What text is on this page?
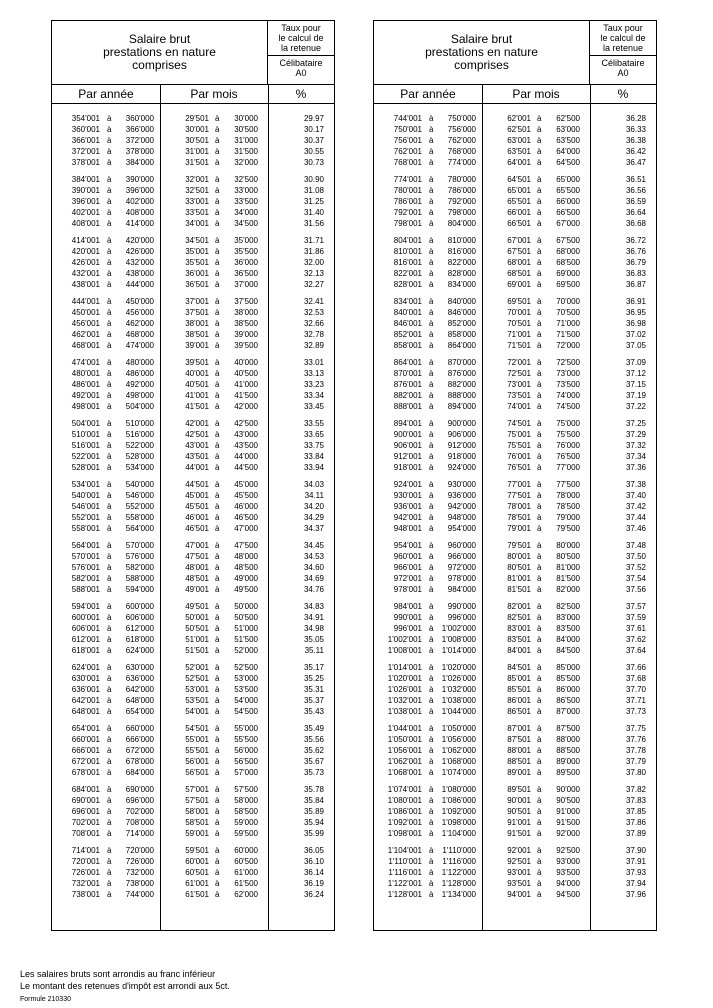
Salaire brut
prestations en nature
comprises
Taux pour
le calcul de
la retenue
Célibataire
A0
Par année	Par mois	%
354'001 à 360'000	29'501 à 30'000	29.97
360'001 à 366'000	30'001 à 30'500	30.17
366'001 à 372'000	30'501 à 31'000	30.37
372'001 à 378'000	31'001 à 31'500	30.55
378'001 à 384'000	31'501 à 32'000	30.73
384'001 à 390'000	32'001 à 32'500	30.90
390'001 à 396'000	32'501 à 33'000	31.08
396'001 à 402'000	33'001 à 33'500	31.25
402'001 à 408'000	33'501 à 34'000	31.40
408'001 à 414'000	34'001 à 34'500	31.56
414'001 à 420'000	34'501 à 35'000	31.71
420'001 à 426'000	35'001 à 35'500	31.86
426'001 à 432'000	35'501 à 36'000	32.00
432'001 à 438'000	36'001 à 36'500	32.13
438'001 à 444'000	36'501 à 37'000	32.27
444'001 à 450'000	37'001 à 37'500	32.41
450'001 à 456'000	37'501 à 38'000	32.53
456'001 à 462'000	38'001 à 38'500	32.66
462'001 à 468'000	38'501 à 39'000	32.78
468'001 à 474'000	39'001 à 39'500	32.89
474'001 à 480'000	39'501 à 40'000	33.01
480'001 à 486'000	40'001 à 40'500	33.13
486'001 à 492'000	40'501 à 41'000	33.23
492'001 à 498'000	41'001 à 41'500	33.34
498'001 à 504'000	41'501 à 42'000	33.45
504'001 à 510'000	42'001 à 42'500	33.55
510'001 à 516'000	42'501 à 43'000	33.65
516'001 à 522'000	43'001 à 43'500	33.75
522'001 à 528'000	43'501 à 44'000	33.84
528'001 à 534'000	44'001 à 44'500	33.94
534'001 à 540'000	44'501 à 45'000	34.03
540'001 à 546'000	45'001 à 45'500	34.11
546'001 à 552'000	45'501 à 46'000	34.20
552'001 à 558'000	46'001 à 46'500	34.29
558'001 à 564'000	46'501 à 47'000	34.37
564'001 à 570'000	47'001 à 47'500	34.45
570'001 à 576'000	47'501 à 48'000	34.53
576'001 à 582'000	48'001 à 48'500	34.60
582'001 à 588'000	48'501 à 49'000	34.69
588'001 à 594'000	49'001 à 49'500	34.76
594'001 à 600'000	49'501 à 50'000	34.83
600'001 à 606'000	50'001 à 50'500	34.91
606'001 à 612'000	50'501 à 51'000	34.98
612'001 à 618'000	51'001 à 51'500	35.05
618'001 à 624'000	51'501 à 52'000	35.11
624'001 à 630'000	52'001 à 52'500	35.17
630'001 à 636'000	52'501 à 53'000	35.25
636'001 à 642'000	53'001 à 53'500	35.31
642'001 à 648'000	53'501 à 54'000	35.37
648'001 à 654'000	54'001 à 54'500	35.43
654'001 à 660'000	54'501 à 55'000	35.49
660'001 à 666'000	55'001 à 55'500	35.56
666'001 à 672'000	55'501 à 56'000	35.62
672'001 à 678'000	56'001 à 56'500	35.67
678'001 à 684'000	56'501 à 57'000	35.73
684'001 à 690'000	57'001 à 57'500	35.78
690'001 à 696'000	57'501 à 58'000	35.84
696'001 à 702'000	58'001 à 58'500	35.89
702'001 à 708'000	58'501 à 59'000	35.94
708'001 à 714'000	59'001 à 59'500	35.99
714'001 à 720'000	59'501 à 60'000	36.05
720'001 à 726'000	60'001 à 60'500	36.10
726'001 à 732'000	60'501 à 61'000	36.14
732'001 à 738'000	61'001 à 61'500	36.19
738'001 à 744'000	61'501 à 62'000	36.24
Salaire brut
prestations en nature
comprises
Taux pour
le calcul de
la retenue
Célibataire
A0
Par année	Par mois	%
744'001 à 750'000	62'001 à 62'500	36.28
750'001 à 756'000	62'501 à 63'000	36.33
756'001 à 762'000	63'001 à 63'500	36.38
762'001 à 768'000	63'501 à 64'000	36.42
768'001 à 774'000	64'001 à 64'500	36.47
774'001 à 780'000	64'501 à 65'000	36.51
780'001 à 786'000	65'001 à 65'500	36.56
786'001 à 792'000	65'501 à 66'000	36.59
792'001 à 798'000	66'001 à 66'500	36.64
798'001 à 804'000	66'501 à 67'000	36.68
804'001 à 810'000	67'001 à 67'500	36.72
810'001 à 816'000	67'501 à 68'000	36.76
816'001 à 822'000	68'001 à 68'500	36.79
822'001 à 828'000	68'501 à 69'000	36.83
828'001 à 834'000	69'001 à 69'500	36.87
834'001 à 840'000	69'501 à 70'000	36.91
840'001 à 846'000	70'001 à 70'500	36.95
846'001 à 852'000	70'501 à 71'000	36.98
852'001 à 858'000	71'001 à 71'500	37.02
858'001 à 864'000	71'501 à 72'000	37.05
864'001 à 870'000	72'001 à 72'500	37.09
870'001 à 876'000	72'501 à 73'000	37.12
876'001 à 882'000	73'001 à 73'500	37.15
882'001 à 888'000	73'501 à 74'000	37.19
888'001 à 894'000	74'001 à 74'500	37.22
894'001 à 900'000	74'501 à 75'000	37.25
900'001 à 906'000	75'001 à 75'500	37.29
906'001 à 912'000	75'501 à 76'000	37.32
912'001 à 918'000	76'001 à 76'500	37.34
918'001 à 924'000	76'501 à 77'000	37.36
924'001 à 930'000	77'001 à 77'500	37.38
930'001 à 936'000	77'501 à 78'000	37.40
936'001 à 942'000	78'001 à 78'500	37.42
942'001 à 948'000	78'501 à 79'000	37.44
948'001 à 954'000	79'001 à 79'500	37.46
954'001 à 960'000	79'501 à 80'000	37.48
960'001 à 966'000	80'001 à 80'500	37.50
966'001 à 972'000	80'501 à 81'000	37.52
972'001 à 978'000	81'001 à 81'500	37.54
978'001 à 984'000	81'501 à 82'000	37.56
984'001 à 990'000	82'001 à 82'500	37.57
990'001 à 996'000	82'501 à 83'000	37.59
996'001 à 1'002'000	83'001 à 83'500	37.61
1'002'001 à 1'008'000	83'501 à 84'000	37.62
1'008'001 à 1'014'000	84'001 à 84'500	37.64
1'014'001 à 1'020'000	84'501 à 85'000	37.66
1'020'001 à 1'026'000	85'001 à 85'500	37.68
1'026'001 à 1'032'000	85'501 à 86'000	37.70
1'032'001 à 1'038'000	86'001 à 86'500	37.71
1'038'001 à 1'044'000	86'501 à 87'000	37.73
1'044'001 à 1'050'000	87'001 à 87'500	37.75
1'050'001 à 1'056'000	87'501 à 88'000	37.76
1'056'001 à 1'062'000	88'001 à 88'500	37.78
1'062'001 à 1'068'000	88'501 à 89'000	37.79
1'068'001 à 1'074'000	89'001 à 89'500	37.80
1'074'001 à 1'080'000	89'501 à 90'000	37.82
1'080'001 à 1'086'000	90'001 à 90'500	37.83
1'086'001 à 1'092'000	90'501 à 91'000	37.85
1'092'001 à 1'098'000	91'001 à 91'500	37.86
1'098'001 à 1'104'000	91'501 à 92'000	37.89
1'104'001 à 1'110'000	92'001 à 92'500	37.90
1'110'001 à 1'116'000	92'501 à 93'000	37.91
1'116'001 à 1'122'000	93'001 à 93'500	37.93
1'122'001 à 1'128'000	93'501 à 94'000	37.94
1'128'001 à 1'134'000	94'001 à 94'500	37.96
Les salaires bruts sont arrondis au franc inférieur
Le montant des retenues d'impôt est arrondi aux 5ct.
Formule 210330
